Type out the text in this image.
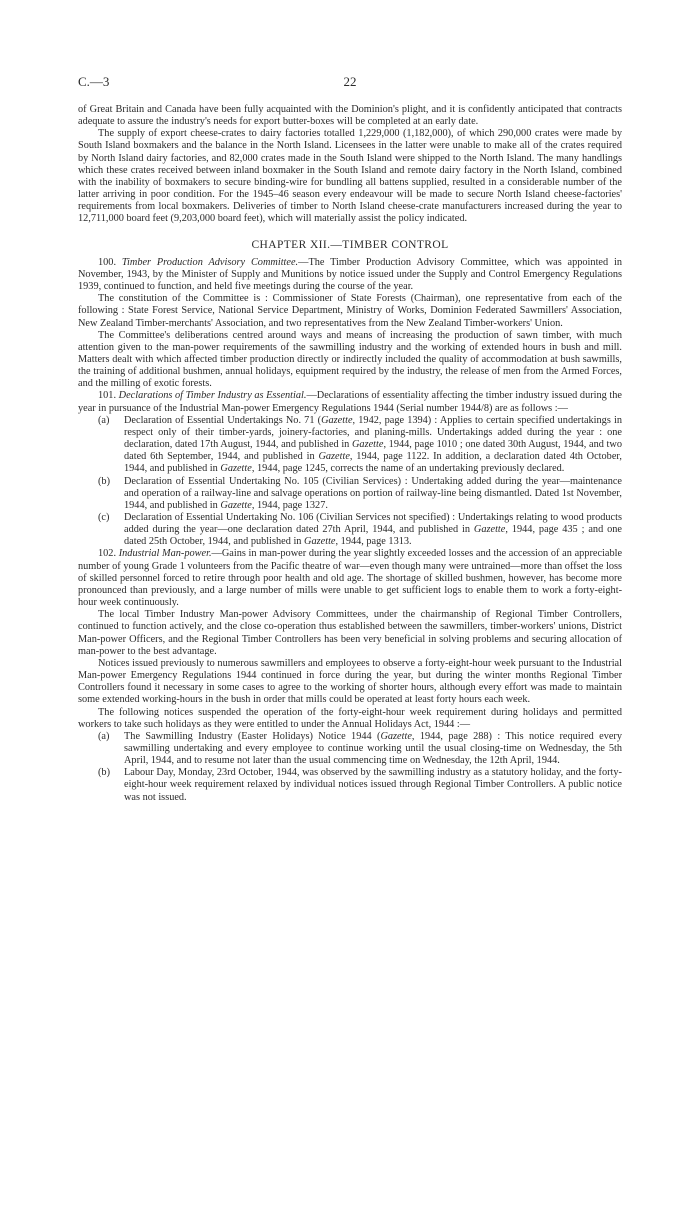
C.—3	22

of Great Britain and Canada have been fully acquainted with the Dominion's plight, and it is confidently anticipated that contracts adequate to assure the industry's needs for export butter-boxes will be completed at an early date.

The supply of export cheese-crates to dairy factories totalled 1,229,000 (1,182,000), of which 290,000 crates were made by South Island boxmakers and the balance in the North Island. Licensees in the latter were unable to make all of the crates required by North Island dairy factories, and 82,000 crates made in the South Island were shipped to the North Island. The many handlings which these crates received between inland boxmaker in the South Island and remote dairy factory in the North Island, combined with the inability of boxmakers to secure binding-wire for bundling all battens supplied, resulted in a considerable number of the latter arriving in poor condition. For the 1945–46 season every endeavour will be made to secure North Island cheese-factories' requirements from local boxmakers. Deliveries of timber to North Island cheese-crate manufacturers increased during the year to 12,711,000 board feet (9,203,000 board feet), which will materially assist the policy indicated.

CHAPTER XII.—TIMBER CONTROL

100. Timber Production Advisory Committee.—The Timber Production Advisory Committee, which was appointed in November, 1943, by the Minister of Supply and Munitions by notice issued under the Supply and Control Emergency Regulations 1939, continued to function, and held five meetings during the course of the year.

The constitution of the Committee is : Commissioner of State Forests (Chairman), one representative from each of the following : State Forest Service, National Service Department, Ministry of Works, Dominion Federated Sawmillers' Association, New Zealand Timber-merchants' Association, and two representatives from the New Zealand Timber-workers' Union.

The Committee's deliberations centred around ways and means of increasing the production of sawn timber, with much attention given to the man-power requirements of the sawmilling industry and the working of extended hours in bush and mill. Matters dealt with which affected timber production directly or indirectly included the quality of accommodation at bush sawmills, the training of additional bushmen, annual holidays, equipment required by the industry, the release of men from the Armed Forces, and the milling of exotic forests.

101. Declarations of Timber Industry as Essential.—Declarations of essentiality affecting the timber industry issued during the year in pursuance of the Industrial Man-power Emergency Regulations 1944 (Serial number 1944/8) are as follows :—

(a)	Declaration of Essential Undertakings No. 71 (Gazette, 1942, page 1394) : Applies to certain specified undertakings in respect only of their timber-yards, joinery-factories, and planing-mills. Undertakings added during the year : one declaration, dated 17th August, 1944, and published in Gazette, 1944, page 1010 ; one dated 30th August, 1944, and two dated 6th September, 1944, and published in Gazette, 1944, page 1122. In addition, a declaration dated 4th October, 1944, and published in Gazette, 1944, page 1245, corrects the name of an undertaking previously declared.
(b)	Declaration of Essential Undertaking No. 105 (Civilian Services) : Undertaking added during the year—maintenance and operation of a railway-line and salvage operations on portion of railway-line being dismantled. Dated 1st November, 1944, and published in Gazette, 1944, page 1327.
(c)	Declaration of Essential Undertaking No. 106 (Civilian Services not specified) : Undertakings relating to wood products added during the year—one declaration dated 27th April, 1944, and published in Gazette, 1944, page 435 ; and one dated 25th October, 1944, and published in Gazette, 1944, page 1313.

102. Industrial Man-power.—Gains in man-power during the year slightly exceeded losses and the accession of an appreciable number of young Grade 1 volunteers from the Pacific theatre of war—even though many were untrained—more than offset the loss of skilled personnel forced to retire through poor health and old age. The shortage of skilled bushmen, however, has become more pronounced than previously, and a large number of mills were unable to get sufficient logs to enable them to work a forty-eight-hour week continuously.

The local Timber Industry Man-power Advisory Committees, under the chairmanship of Regional Timber Controllers, continued to function actively, and the close co-operation thus established between the sawmillers, timber-workers' unions, District Man-power Officers, and the Regional Timber Controllers has been very beneficial in solving problems and securing allocation of man-power to the best advantage.

Notices issued previously to numerous sawmillers and employees to observe a forty-eight-hour week pursuant to the Industrial Man-power Emergency Regulations 1944 continued in force during the year, but during the winter months Regional Timber Controllers found it necessary in some cases to agree to the working of shorter hours, although every effort was made to maintain some extended working-hours in the bush in order that mills could be operated at least forty hours each week.

The following notices suspended the operation of the forty-eight-hour week requirement during holidays and permitted workers to take such holidays as they were entitled to under the Annual Holidays Act, 1944 :—

(a)	The Sawmilling Industry (Easter Holidays) Notice 1944 (Gazette, 1944, page 288) : This notice required every sawmilling undertaking and every employee to continue working until the usual closing-time on Wednesday, the 5th April, 1944, and to resume not later than the usual commencing time on Wednesday, the 12th April, 1944.
(b)	Labour Day, Monday, 23rd October, 1944, was observed by the sawmilling industry as a statutory holiday, and the forty-eight-hour week requirement relaxed by individual notices issued through Regional Timber Controllers. A public notice was not issued.
